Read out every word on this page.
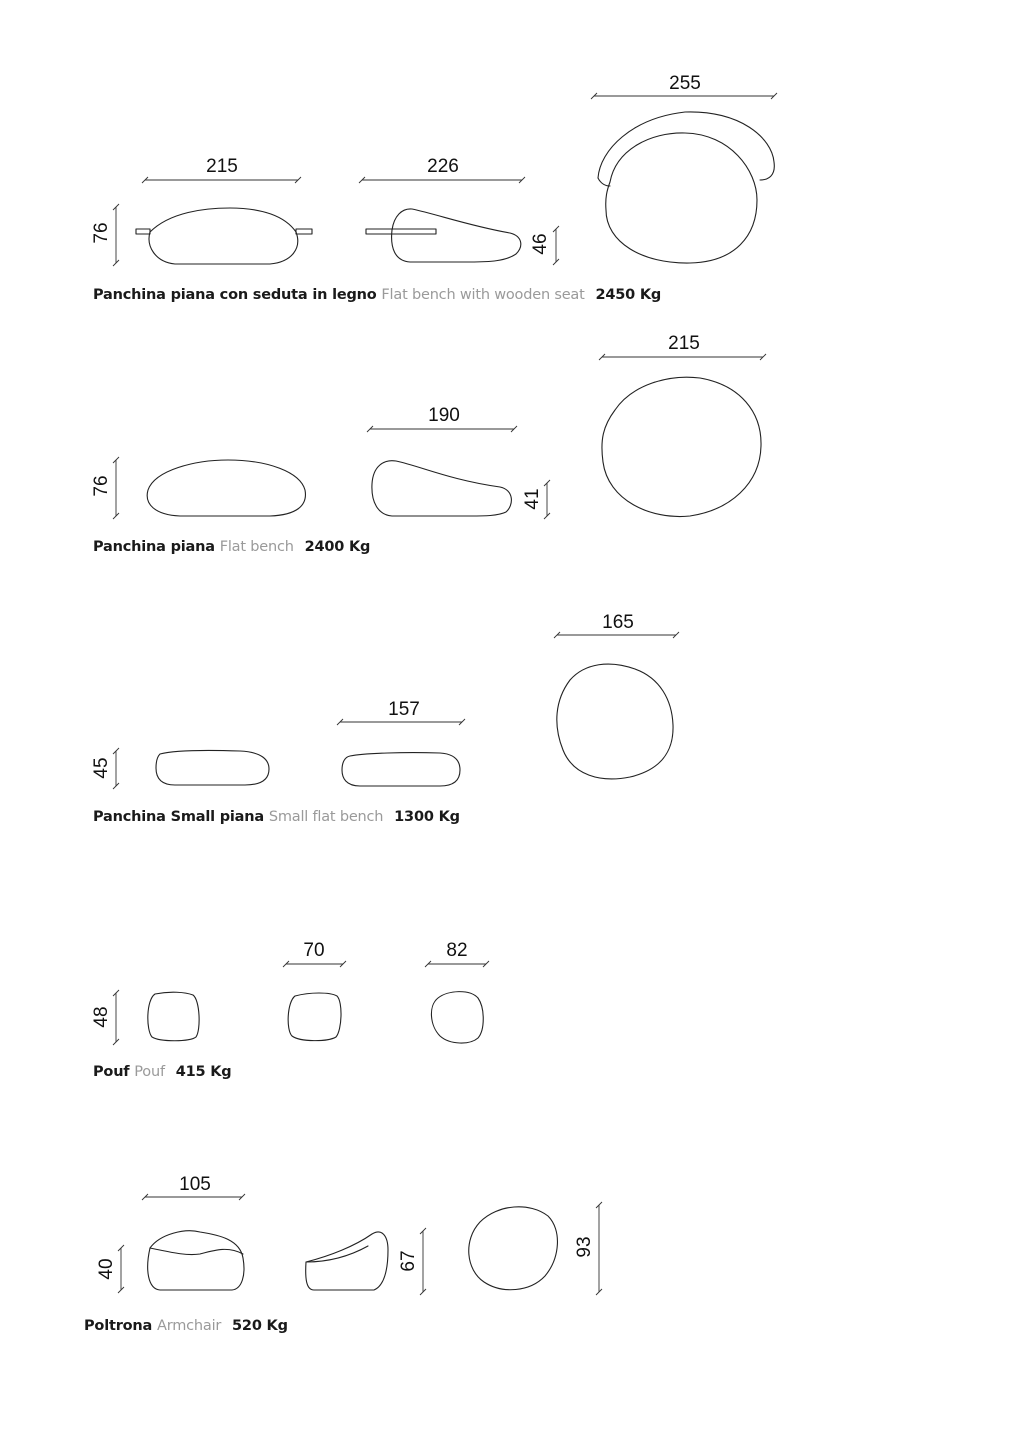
215
76
226
46
255
76
190
41
215
45
157
165
48
70	82
105
40	67
93
Panchina piana con seduta in legno Flat bench with wooden seat 2450 Kg
Panchina piana Flat bench 2400 Kg
Panchina Small piana Small flat bench 1300 Kg
Pouf Pouf 415 Kg
Poltrona Armchair 520 Kg
